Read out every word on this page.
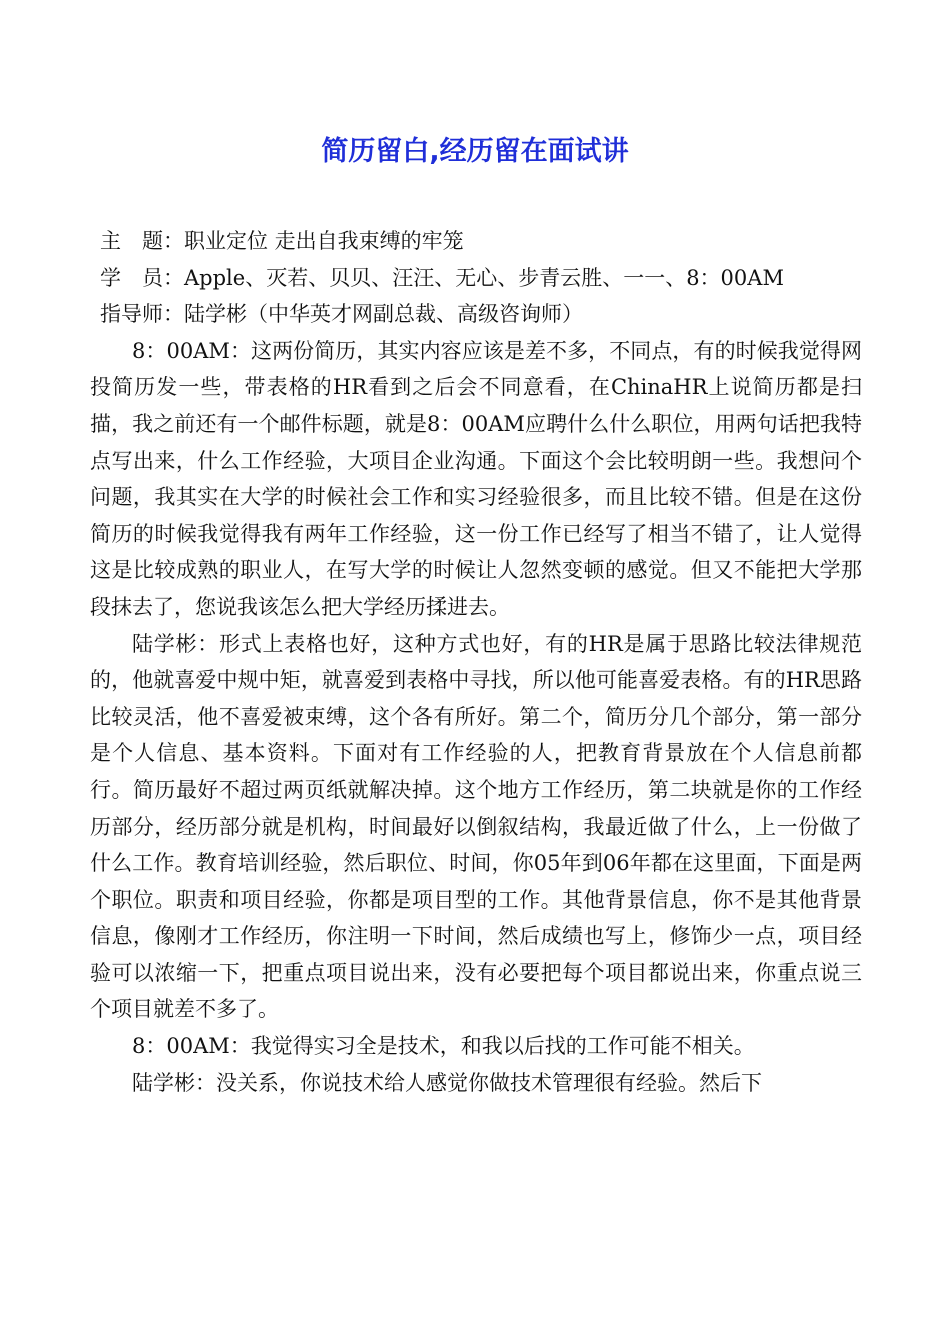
简历留白,经历留在面试讲

主　题：职业定位 走出自我束缚的牢笼

学　员：Apple、灭若、贝贝、汪汪、无心、步青云胜、一一、8：00AM

指导师：陆学彬（中华英才网副总裁、高级咨询师）

8：00AM：这两份简历，其实内容应该是差不多，不同点，有的时候我觉得网投简历发一些，带表格的HR看到之后会不同意看，在ChinaHR上说简历都是扫描，我之前还有一个邮件标题，就是8：00AM应聘什么什么职位，用两句话把我特点写出来，什么工作经验，大项目企业沟通。下面这个会比较明朗一些。我想问个问题，我其实在大学的时候社会工作和实习经验很多，而且比较不错。但是在这份简历的时候我觉得我有两年工作经验，这一份工作已经写了相当不错了，让人觉得这是比较成熟的职业人，在写大学的时候让人忽然变顿的感觉。但又不能把大学那段抹去了，您说我该怎么把大学经历揉进去。

陆学彬：形式上表格也好，这种方式也好，有的HR是属于思路比较法律规范的，他就喜爱中规中矩，就喜爱到表格中寻找，所以他可能喜爱表格。有的HR思路比较灵活，他不喜爱被束缚，这个各有所好。第二个，简历分几个部分，第一部分是个人信息、基本资料。下面对有工作经验的人，把教育背景放在个人信息前都行。简历最好不超过两页纸就解决掉。这个地方工作经历，第二块就是你的工作经历部分，经历部分就是机构，时间最好以倒叙结构，我最近做了什么，上一份做了什么工作。教育培训经验，然后职位、时间，你05年到06年都在这里面，下面是两个职位。职责和项目经验，你都是项目型的工作。其他背景信息，你不是其他背景信息，像刚才工作经历，你注明一下时间，然后成绩也写上，修饰少一点，项目经验可以浓缩一下，把重点项目说出来，没有必要把每个项目都说出来，你重点说三个项目就差不多了。

8：00AM：我觉得实习全是技术，和我以后找的工作可能不相关。

陆学彬：没关系，你说技术给人感觉你做技术管理很有经验。然后下
